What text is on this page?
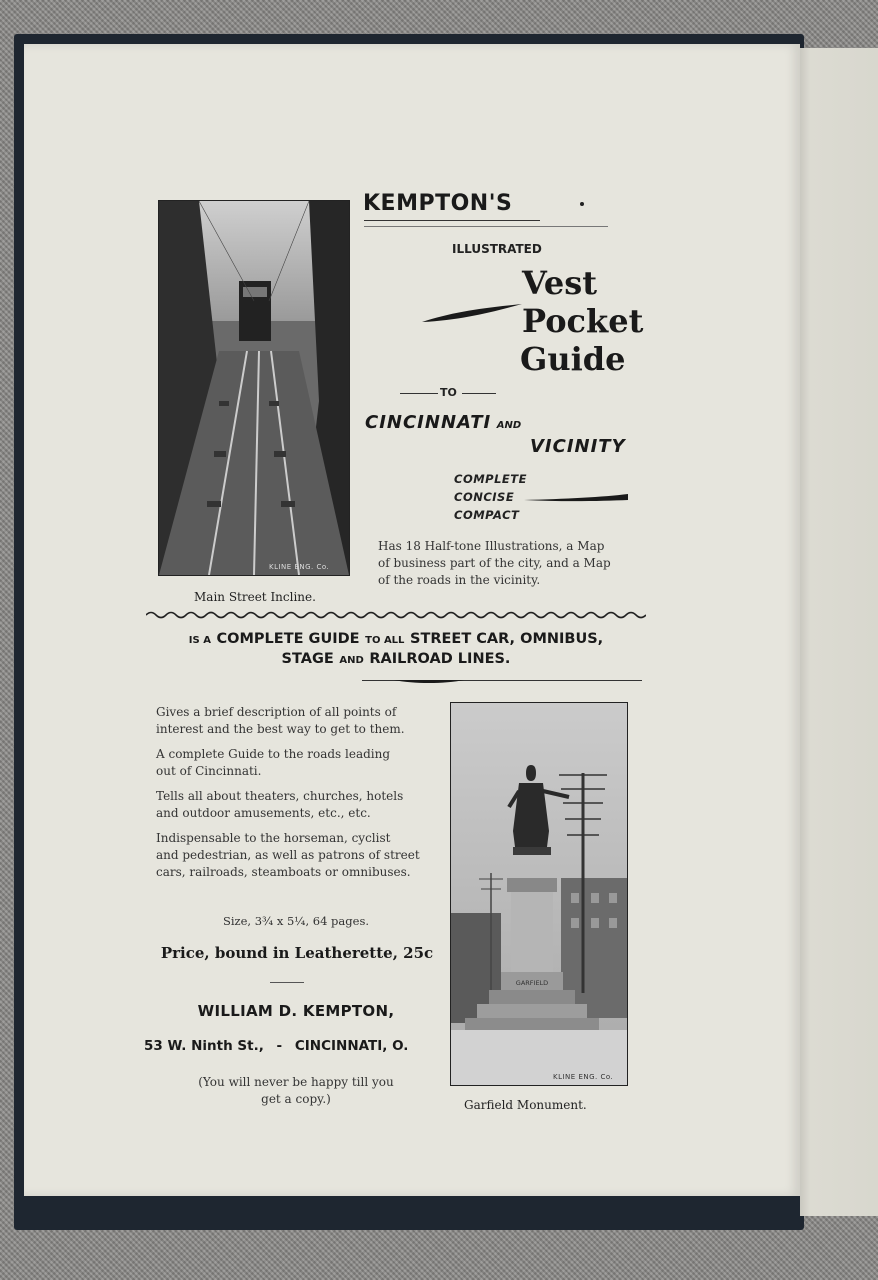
KLINE ENG. Co.
Main Street Incline.
KEMPTON'S
ILLUSTRATED
Vest
Pocket
Guide
TO
CINCINNATI AND
VICINITY
COMPLETE
CONCISE
COMPACT
Has 18 Half-tone Illustrations, a Map
of business part of the city, and a Map
of the roads in the vicinity.
IS A COMPLETE GUIDE TO ALL STREET CAR, OMNIBUS,
STAGE AND RAILROAD LINES.
Gives a brief description of all points of
interest and the best way to get to them.
A complete Guide to the roads leading
out of Cincinnati.
Tells all about theaters, churches, hotels
and outdoor amusements, etc., etc.
Indispensable to the horseman, cyclist
and pedestrian, as well as patrons of street
cars, railroads, steamboats or omnibuses.
Size, 3¾ x 5¼, 64 pages.
Price, bound in Leatherette, 25c
WILLIAM D. KEMPTON,
53 W. Ninth St., - CINCINNATI, O.
(You will never be happy till you
get a copy.)
GARFIELD
KLINE ENG. Co.
Garfield Monument.
